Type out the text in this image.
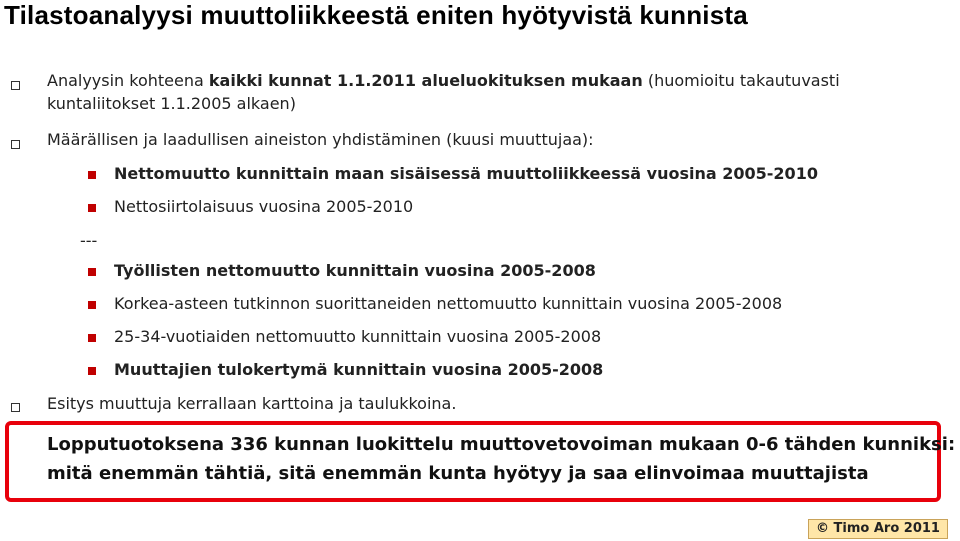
Tilastoanalyysi muuttoliikkeestä eniten hyötyvistä kunnista
Analyysin kohteena kaikki kunnat 1.1.2011 alueluokituksen mukaan (huomioitu takautuvasti
kuntaliitokset 1.1.2005 alkaen)
Määrällisen ja laadullisen aineiston yhdistäminen (kuusi muuttujaa):
Nettomuutto kunnittain maan sisäisessä muuttoliikkeessä vuosina 2005-2010
Nettosiirtolaisuus vuosina 2005-2010
---
Työllisten nettomuutto kunnittain vuosina 2005-2008
Korkea-asteen tutkinnon suorittaneiden nettomuutto kunnittain vuosina 2005-2008
25-34-vuotiaiden nettomuutto kunnittain vuosina 2005-2008
Muuttajien tulokertymä kunnittain vuosina 2005-2008
Esitys muuttuja kerrallaan karttoina ja taulukkoina.
Lopputuotoksena 336 kunnan luokittelu muuttovetovoiman mukaan 0-6 tähden kunniksi:
mitä enemmän tähtiä, sitä enemmän kunta hyötyy ja saa elinvoimaa muuttajista
© Timo Aro 2011
